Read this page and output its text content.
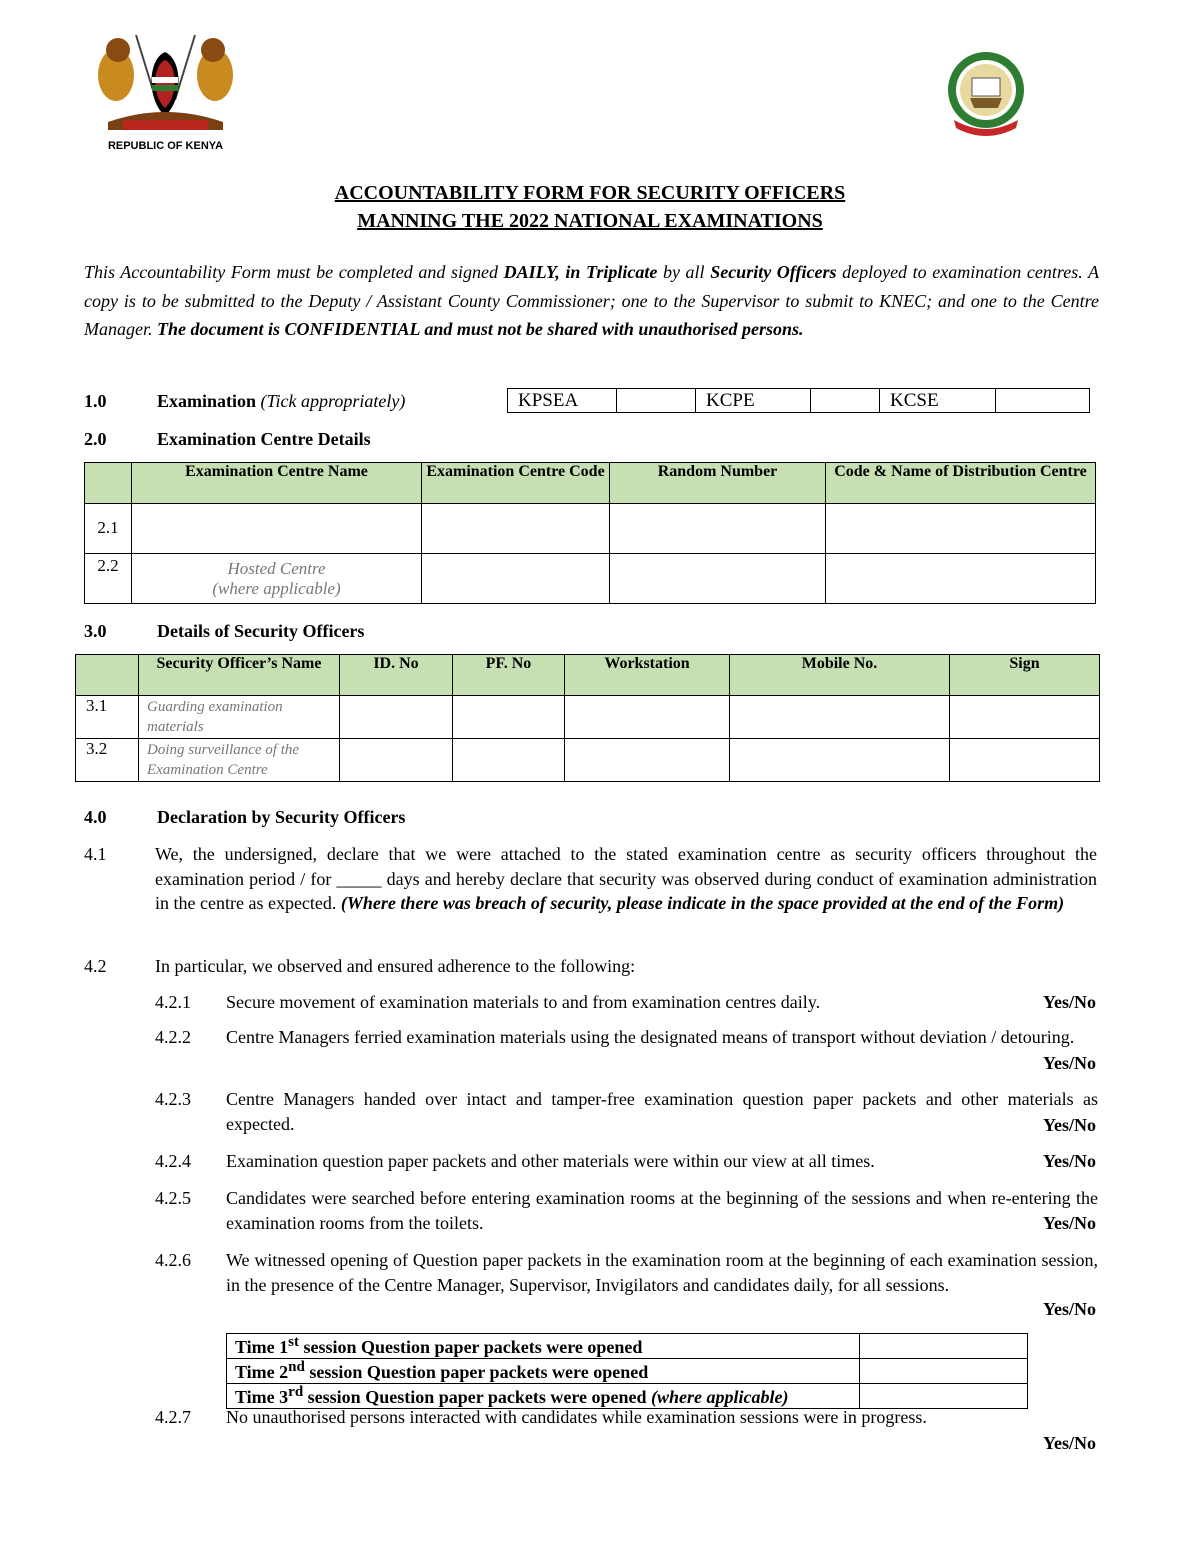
REPUBLIC OF KENYA
ACCOUNTABILITY FORM FOR SECURITY OFFICERS
MANNING THE 2022 NATIONAL EXAMINATIONS
This Accountability Form must be completed and signed DAILY, in Triplicate by all Security Officers deployed to examination centres. A copy is to be submitted to the Deputy / Assistant County Commissioner; one to the Supervisor to submit to KNEC; and one to the Centre Manager. The document is CONFIDENTIAL and must not be shared with unauthorised persons.
1.0	Examination (Tick appropriately)	KPSEA		KCPE		KCSE	
2.0	Examination Centre Details
	Examination Centre Name	Examination Centre Code	Random Number	Code & Name of Distribution Centre
2.1				
2.2	Hosted Centre
(where applicable)			

3.0	Details of Security Officers
	Security Officer’s Name	ID. No	PF. No	Workstation	Mobile No.	Sign
3.1	Guarding examination materials					
3.2	Doing surveillance of the Examination Centre					
4.0	Declaration by Security Officers
4.1	We, the undersigned, declare that we were attached to the stated examination centre as security officers throughout the examination period / for _____ days and hereby declare that security was observed during conduct of examination administration in the centre as expected. (Where there was breach of security, please indicate in the space provided at the end of the Form)
4.2	In particular, we observed and ensured adherence to the following:
4.2.1 Secure movement of examination materials to and from examination centres daily.	Yes/No
4.2.2 Centre Managers ferried examination materials using the designated means of transport without deviation / detouring.
Yes/No
4.2.3 Centre Managers handed over intact and tamper-free examination question paper packets and other materials as expected.	Yes/No
4.2.4 Examination question paper packets and other materials were within our view at all times.	Yes/No
4.2.5 Candidates were searched before entering examination rooms at the beginning of the sessions and when re-entering the examination rooms from the toilets.	Yes/No
4.2.6 We witnessed opening of Question paper packets in the examination room at the beginning of each examination session, in the presence of the Centre Manager, Supervisor, Invigilators and candidates daily, for all sessions.
Yes/No
Time 1st session Question paper packets were opened	
Time 2nd session Question paper packets were opened	
Time 3rd session Question paper packets were opened (where applicable)	
4.2.7 No unauthorised persons interacted with candidates while examination sessions were in progress.
Yes/No
